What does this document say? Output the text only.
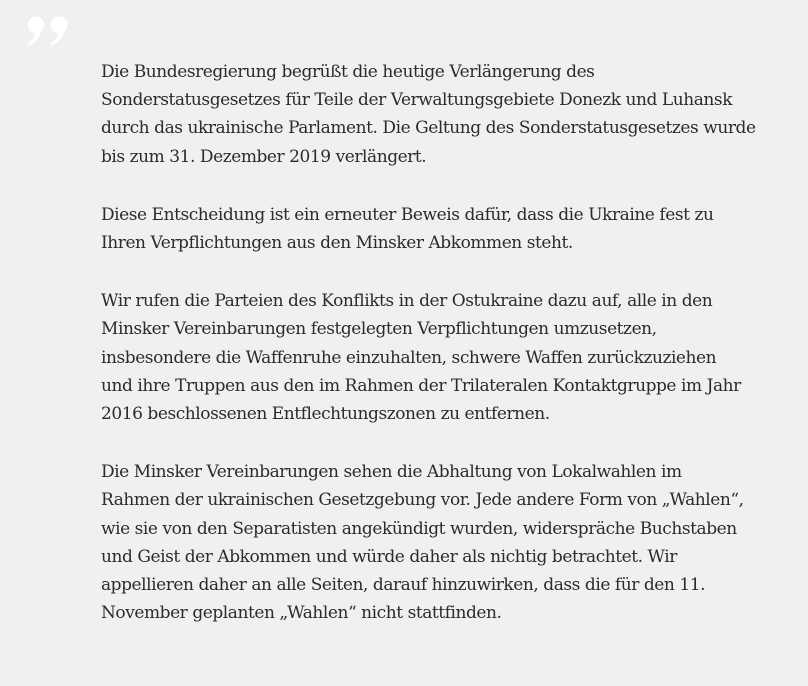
Die Bundesregierung begrüßt die heutige Verlängerung des
Sonderstatusgesetzes für Teile der Verwaltungsgebiete Donezk und Luhansk
durch das ukrainische Parlament. Die Geltung des Sonderstatusgesetzes wurde
bis zum 31. Dezember 2019 verlängert.

Diese Entscheidung ist ein erneuter Beweis dafür, dass die Ukraine fest zu
Ihren Verpflichtungen aus den Minsker Abkommen steht.

Wir rufen die Parteien des Konflikts in der Ostukraine dazu auf, alle in den
Minsker Vereinbarungen festgelegten Verpflichtungen umzusetzen,
insbesondere die Waffenruhe einzuhalten, schwere Waffen zurückzuziehen
und ihre Truppen aus den im Rahmen der Trilateralen Kontaktgruppe im Jahr
2016 beschlossenen Entflechtungszonen zu entfernen.

Die Minsker Vereinbarungen sehen die Abhaltung von Lokalwahlen im
Rahmen der ukrainischen Gesetzgebung vor. Jede andere Form von „Wahlen“,
wie sie von den Separatisten angekündigt wurden, widerspräche Buchstaben
und Geist der Abkommen und würde daher als nichtig betrachtet. Wir
appellieren daher an alle Seiten, darauf hinzuwirken, dass die für den 11.
November geplanten „Wahlen“ nicht stattfinden.
